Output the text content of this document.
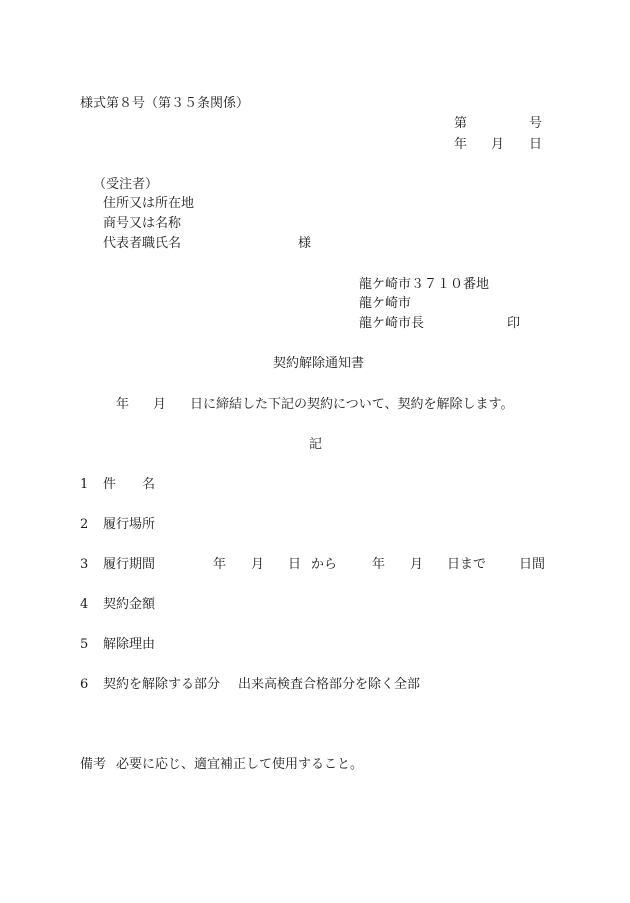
様式第８号（第３５条関係）
第	号
年 月 日
（受注者）
住所又は所在地
商号又は名称
代表者職氏名	様
龍ケ崎市３７１０番地
龍ケ崎市
龍ケ崎市長	印
契約解除通知書
年 月 日に締結した下記の契約について、契約を解除します。
記
1 件　　名
2 履行場所
3 履行期間	年 月 日 から	年 月 日まで	日間
4 契約金額
5 解除理由
6 契約を解除する部分 出来高検査合格部分を除く全部
備考 必要に応じ、適宜補正して使用すること。
